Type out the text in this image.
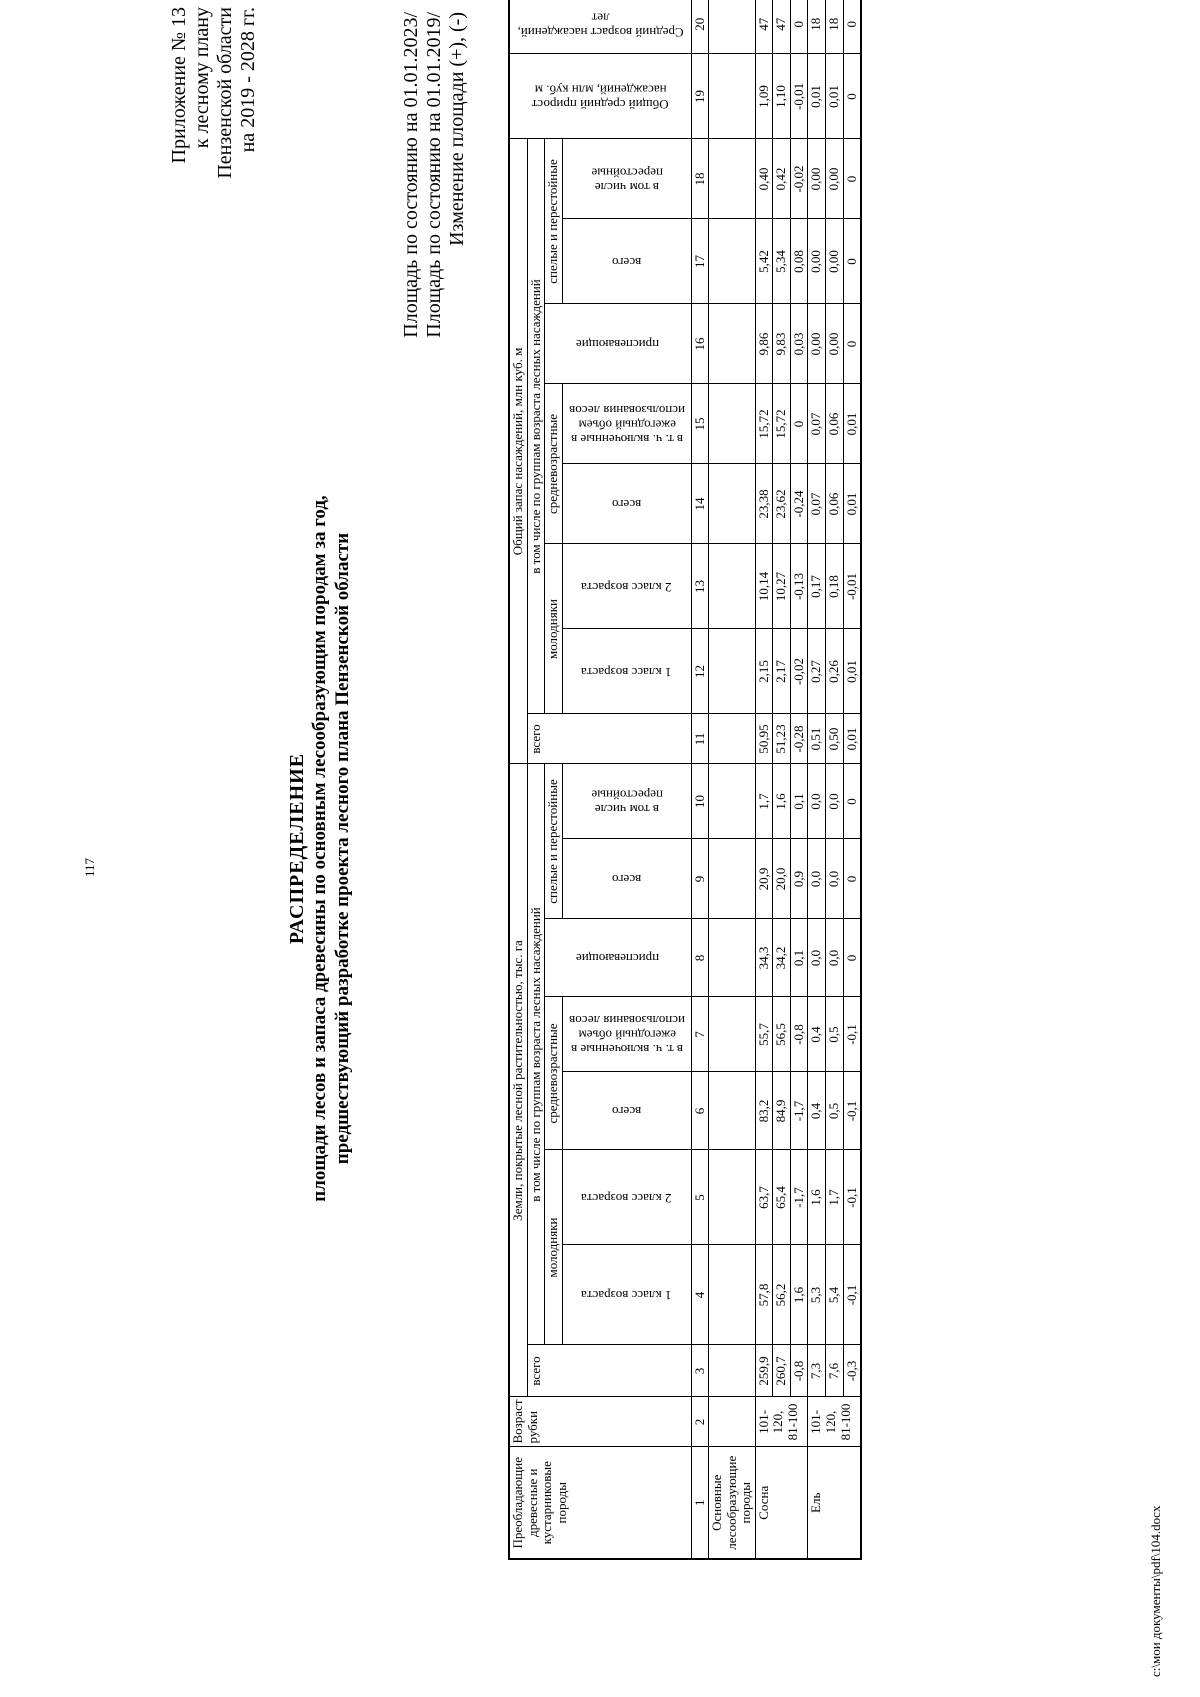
117
Приложение № 13 к лесному плану Пензенской области на 2019 - 2028 гг.
РАСПРЕДЕЛЕНИЕ площади лесов и запаса древесины по основным лесообразующим породам за год, предшествующий разработке проекта лесного плана Пензенской области
Площадь по состоянию на 01.01.2023/ Площадь по состоянию на 01.01.2019/ Изменение площади (+), (-)
Преобладающие древесные и кустарниковые породы	Возраст рубки	Земли, покрытые лесной растительностью, тыс. га								Общий запас насаждений, млн куб. м								Общий средний прирост насаждений, млн куб. м	Средний возраст насаждений, лет

		всего	в том числе по группам возраста лесных насаждений							всего	в том числе по группам возраста лесных насаждений								
			молодняки		средневозрастные		приспевающие	спелые и перестойные			молодняки		средневозрастные		приспевающие	спелые и перестойные			

			1 класс возраста	2 класс возраста	всего	в т. ч. включенные в ежегодный объем использования лесов		всего	в том числе перестойные		1 класс возраста	2 класс возраста	всего	в т. ч. включенные в ежегодный объем использования лесов		всего	в том числе перестойные		

1	2	3	4	5	6	7	8	9	10	11	12	13	14	15	16	17	18	19	20
Основные лесообразующие породы																			
Сосна	101-120, 81-100	259,9	57,8	63,7	83,2	55,7	34,3	20,9	1,7	50,95	2,15	10,14	23,38	15,72	9,86	5,42	0,40	1,09	47
		260,7	56,2	65,4	84,9	56,5	34,2	20,0	1,6	51,23	2,17	10,27	23,62	15,72	9,83	5,34	0,42	1,10	47
		-0,8	1,6	-1,7	-1,7	-0,8	0,1	0,9	0,1	-0,28	-0,02	-0,13	-0,24	0	0,03	0,08	-0,02	-0,01	0
Ель	101-120, 81-100	7,3	5,3	1,6	0,4	0,4	0,0	0,0	0,0	0,51	0,27	0,17	0,07	0,07	0,00	0,00	0,00	0,01	18
		7,6	5,4	1,7	0,5	0,5	0,0	0,0	0,0	0,50	0,26	0,18	0,06	0,06	0,00	0,00	0,00	0,01	18
		-0,3	-0,1	-0,1	-0,1	-0,1	0	0	0	0,01	0,01	-0,01	0,01	0,01	0	0	0	0	0
c:\мои документы\pdf\104.docx
